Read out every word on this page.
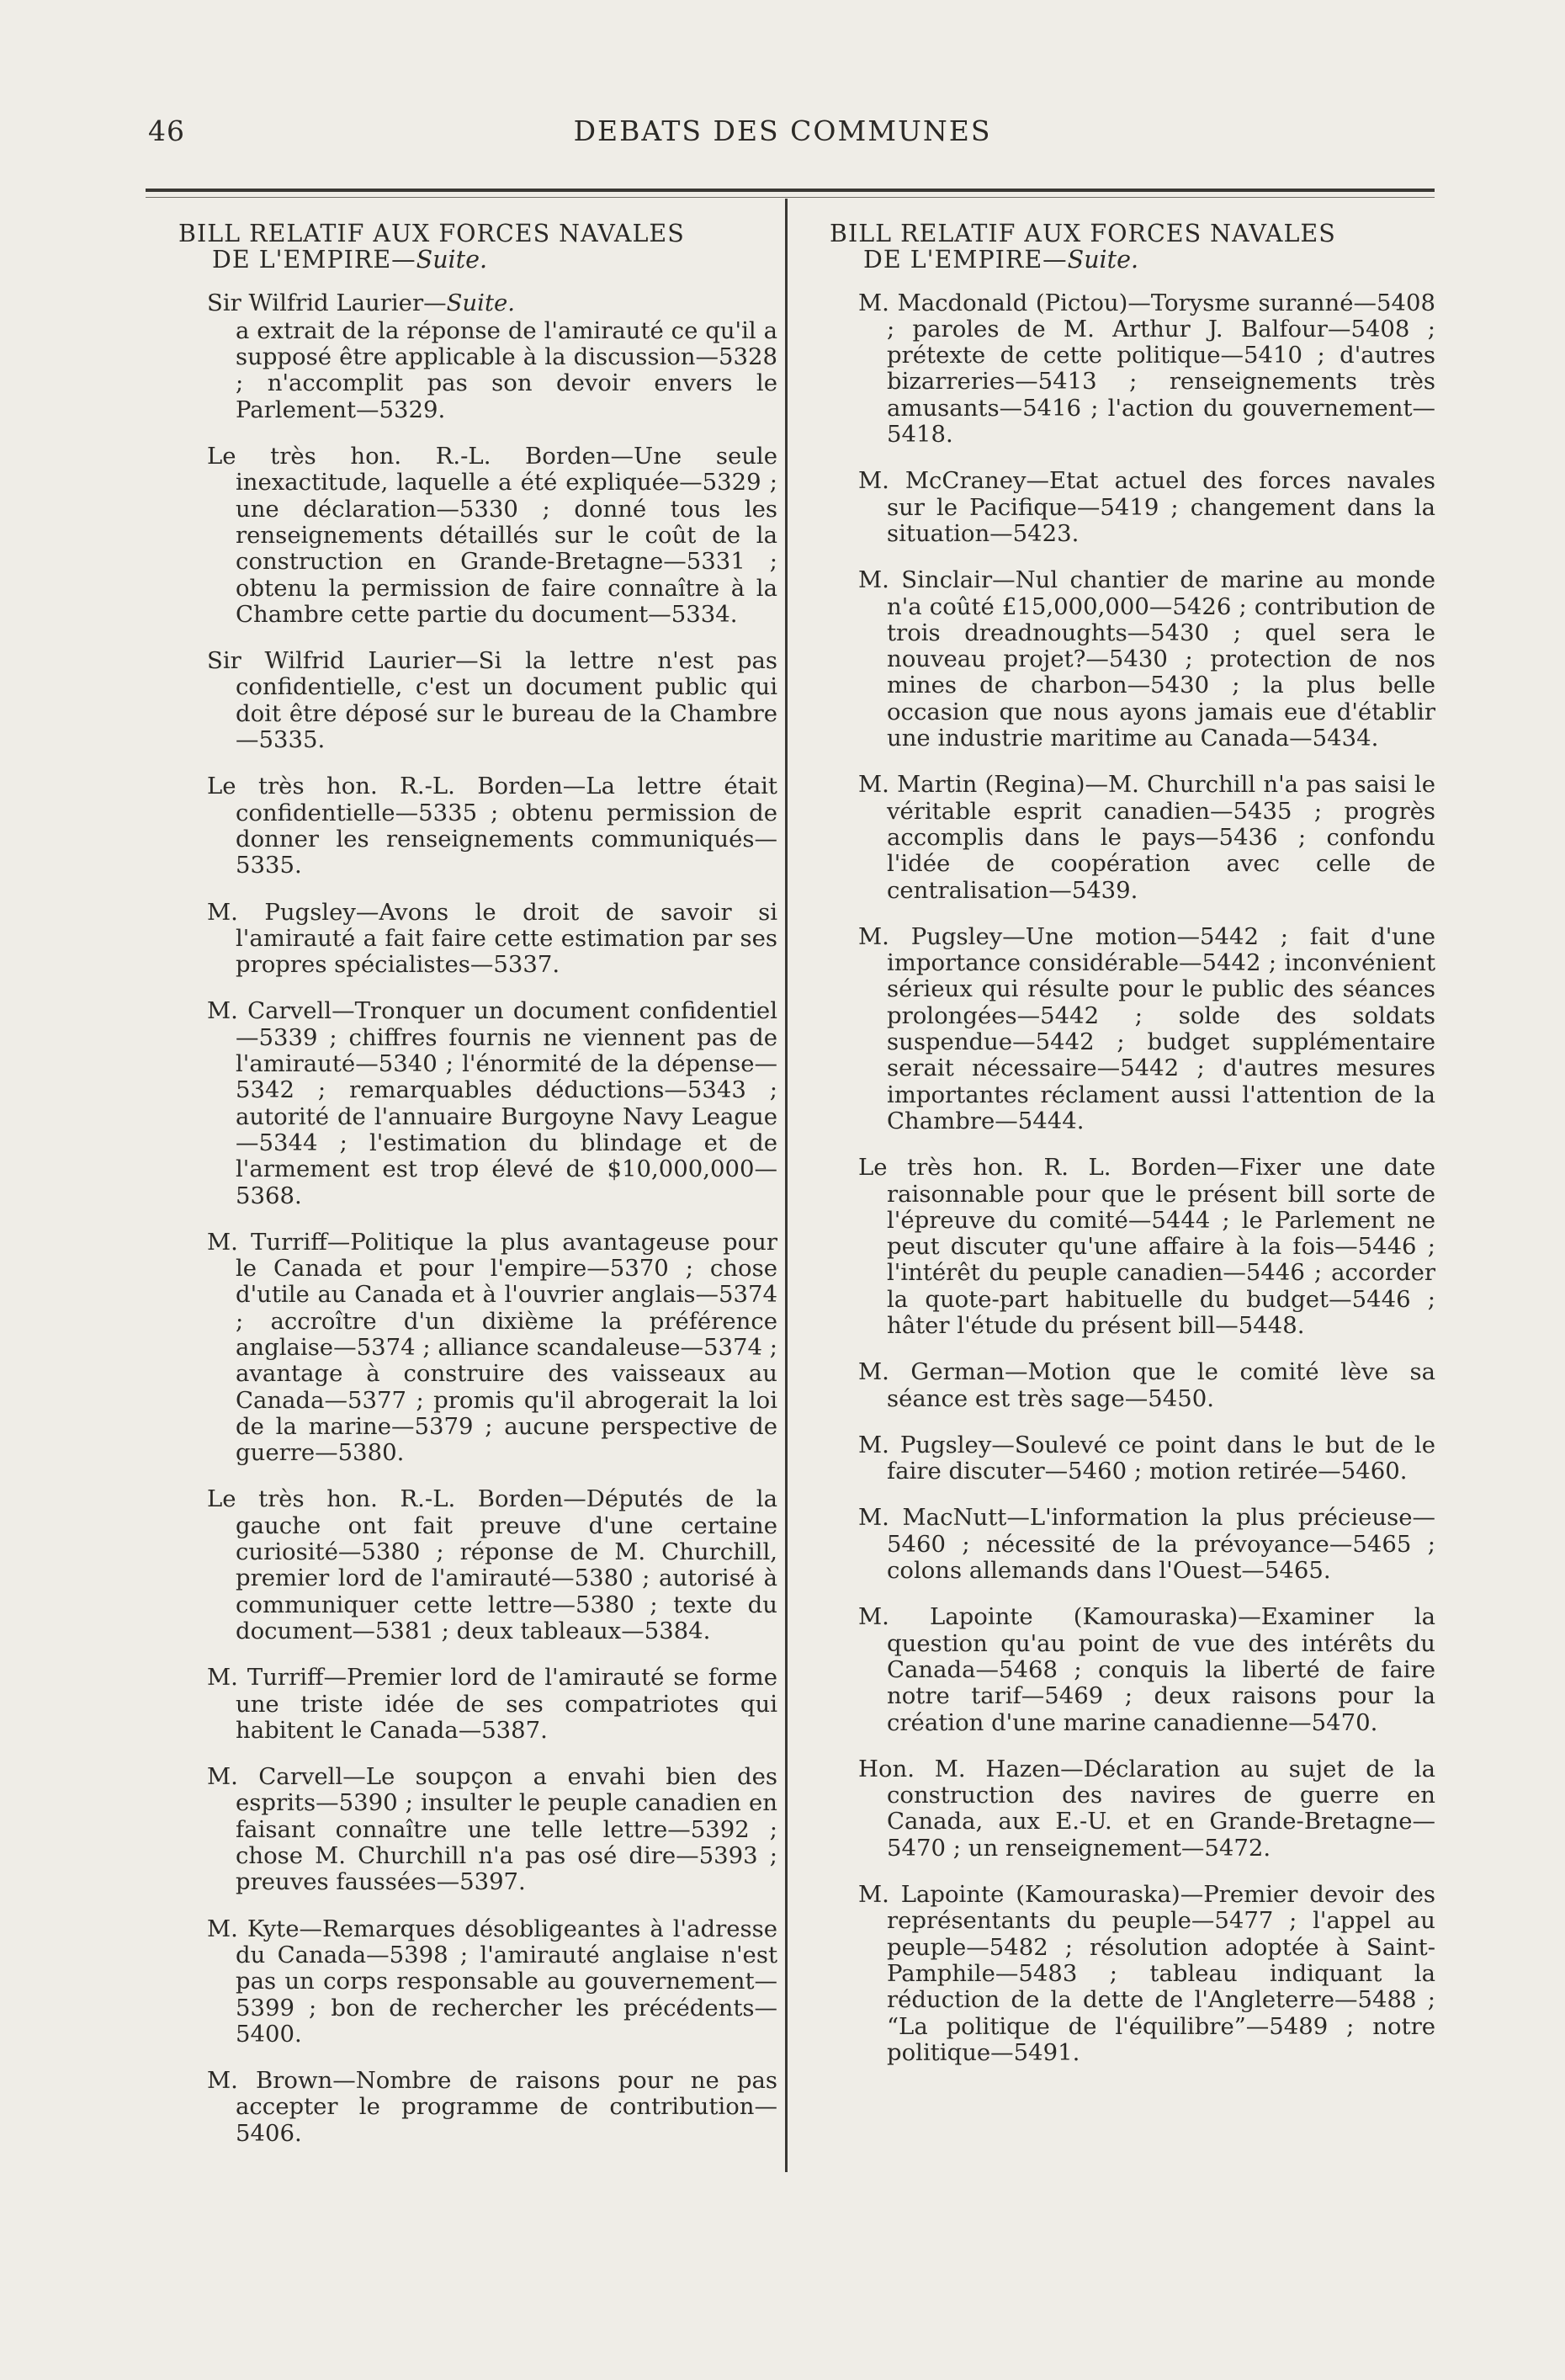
46	DEBATS DES COMMUNES
BILL RELATIF AUX FORCES NAVALES
DE L'EMPIRE—Suite.
Sir Wilfrid Laurier—Suite.
a extrait de la réponse de l'amirauté ce qu'il a supposé être applicable à la discussion—5328 ; n'accomplit pas son devoir envers le Parlement—5329.

Le très hon. R.-L. Borden—Une seule inexactitude, laquelle a été expliquée—5329 ; une déclaration—5330 ; donné tous les renseignements détaillés sur le coût de la construction en Grande-Bretagne—5331 ; obtenu la permission de faire connaître à la Chambre cette partie du document—5334.

Sir Wilfrid Laurier—Si la lettre n'est pas confidentielle, c'est un document public qui doit être déposé sur le bureau de la Chambre—5335.

Le très hon. R.-L. Borden—La lettre était confidentielle—5335 ; obtenu permission de donner les renseignements communiqués—5335.

M. Pugsley—Avons le droit de savoir si l'amirauté a fait faire cette estimation par ses propres spécialistes—5337.

M. Carvell—Tronquer un document confidentiel—5339 ; chiffres fournis ne viennent pas de l'amirauté—5340 ; l'énormité de la dépense—5342 ; remarquables déductions—5343 ; autorité de l'annuaire Burgoyne Navy League—5344 ; l'estimation du blindage et de l'armement est trop élevé de $10,000,000—5368.

M. Turriff—Politique la plus avantageuse pour le Canada et pour l'empire—5370 ; chose d'utile au Canada et à l'ouvrier anglais—5374 ; accroître d'un dixième la préférence anglaise—5374 ; alliance scandaleuse—5374 ; avantage à construire des vaisseaux au Canada—5377 ; promis qu'il abrogerait la loi de la marine—5379 ; aucune perspective de guerre—5380.

Le très hon. R.-L. Borden—Députés de la gauche ont fait preuve d'une certaine curiosité—5380 ; réponse de M. Churchill, premier lord de l'amirauté—5380 ; autorisé à communiquer cette lettre—5380 ; texte du document—5381 ; deux tableaux—5384.

M. Turriff—Premier lord de l'amirauté se forme une triste idée de ses compatriotes qui habitent le Canada—5387.

M. Carvell—Le soupçon a envahi bien des esprits—5390 ; insulter le peuple canadien en faisant connaître une telle lettre—5392 ; chose M. Churchill n'a pas osé dire—5393 ; preuves faussées—5397.

M. Kyte—Remarques désobligeantes à l'adresse du Canada—5398 ; l'amirauté anglaise n'est pas un corps responsable au gouvernement—5399 ; bon de rechercher les précédents—5400.

M. Brown—Nombre de raisons pour ne pas accepter le programme de contribution—5406.

BILL RELATIF AUX FORCES NAVALES
DE L'EMPIRE—Suite.

M. Macdonald (Pictou)—Torysme suranné—5408 ; paroles de M. Arthur J. Balfour—5408 ; prétexte de cette politique—5410 ; d'autres bizarreries—5413 ; renseignements très amusants—5416 ; l'action du gouvernement—5418.

M. McCraney—Etat actuel des forces navales sur le Pacifique—5419 ; changement dans la situation—5423.

M. Sinclair—Nul chantier de marine au monde n'a coûté £15,000,000—5426 ; contribution de trois dreadnoughts—5430 ; quel sera le nouveau projet?—5430 ; protection de nos mines de charbon—5430 ; la plus belle occasion que nous ayons jamais eue d'établir une industrie maritime au Canada—5434.

M. Martin (Regina)—M. Churchill n'a pas saisi le véritable esprit canadien—5435 ; progrès accomplis dans le pays—5436 ; confondu l'idée de coopération avec celle de centralisation—5439.

M. Pugsley—Une motion—5442 ; fait d'une importance considérable—5442 ; inconvénient sérieux qui résulte pour le public des séances prolongées—5442 ; solde des soldats suspendue—5442 ; budget supplémentaire serait nécessaire—5442 ; d'autres mesures importantes réclament aussi l'attention de la Chambre—5444.

Le très hon. R. L. Borden—Fixer une date raisonnable pour que le présent bill sorte de l'épreuve du comité—5444 ; le Parlement ne peut discuter qu'une affaire à la fois—5446 ; l'intérêt du peuple canadien—5446 ; accorder la quote-part habituelle du budget—5446 ; hâter l'étude du présent bill—5448.

M. German—Motion que le comité lève sa séance est très sage—5450.

M. Pugsley—Soulevé ce point dans le but de le faire discuter—5460 ; motion retirée—5460.

M. MacNutt—L'information la plus précieuse—5460 ; nécessité de la prévoyance—5465 ; colons allemands dans l'Ouest—5465.

M. Lapointe (Kamouraska)—Examiner la question qu'au point de vue des intérêts du Canada—5468 ; conquis la liberté de faire notre tarif—5469 ; deux raisons pour la création d'une marine canadienne—5470.

Hon. M. Hazen—Déclaration au sujet de la construction des navires de guerre en Canada, aux E.-U. et en Grande-Bretagne—5470 ; un renseignement—5472.

M. Lapointe (Kamouraska)—Premier devoir des représentants du peuple—5477 ; l'appel au peuple—5482 ; résolution adoptée à Saint-Pamphile—5483 ; tableau indiquant la réduction de la dette de l'Angleterre—5488 ; “La politique de l'équilibre”—5489 ; notre politique—5491.
